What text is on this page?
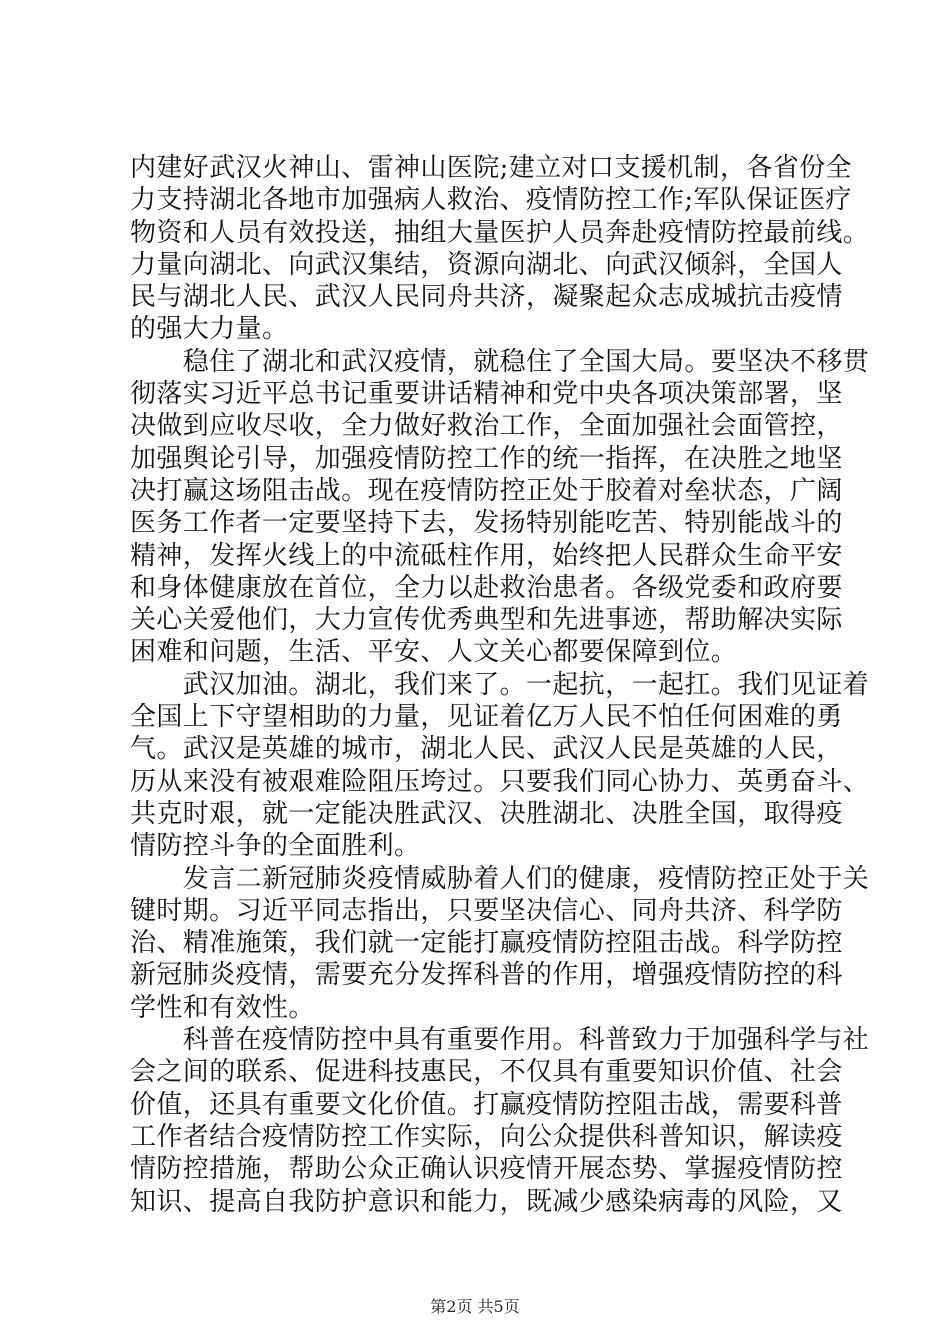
内建好武汉火神山、雷神山医院;建立对口支援机制，各省份全
力支持湖北各地市加强病人救治、疫情防控工作;军队保证医疗
物资和人员有效投送，抽组大量医护人员奔赴疫情防控最前线。
力量向湖北、向武汉集结，资源向湖北、向武汉倾斜，全国人
民与湖北人民、武汉人民同舟共济，凝聚起众志成城抗击疫情
的强大力量。
　　稳住了湖北和武汉疫情，就稳住了全国大局。要坚决不移贯
彻落实习近平总书记重要讲话精神和党中央各项决策部署，坚
决做到应收尽收，全力做好救治工作，全面加强社会面管控，
加强舆论引导，加强疫情防控工作的统一指挥，在决胜之地坚
决打赢这场阻击战。现在疫情防控正处于胶着对垒状态，广阔
医务工作者一定要坚持下去，发扬特别能吃苦、特别能战斗的
精神，发挥火线上的中流砥柱作用，始终把人民群众生命平安
和身体健康放在首位，全力以赴救治患者。各级党委和政府要
关心关爱他们，大力宣传优秀典型和先进事迹，帮助解决实际
困难和问题，生活、平安、人文关心都要保障到位。
　　武汉加油。湖北，我们来了。一起抗，一起扛。我们见证着
全国上下守望相助的力量，见证着亿万人民不怕任何困难的勇
气。武汉是英雄的城市，湖北人民、武汉人民是英雄的人民，
历从来没有被艰难险阻压垮过。只要我们同心协力、英勇奋斗、
共克时艰，就一定能决胜武汉、决胜湖北、决胜全国，取得疫
情防控斗争的全面胜利。
　　发言二新冠肺炎疫情威胁着人们的健康，疫情防控正处于关
键时期。习近平同志指出，只要坚决信心、同舟共济、科学防
治、精准施策，我们就一定能打赢疫情防控阻击战。科学防控
新冠肺炎疫情，需要充分发挥科普的作用，增强疫情防控的科
学性和有效性。
　　科普在疫情防控中具有重要作用。科普致力于加强科学与社
会之间的联系、促进科技惠民，不仅具有重要知识价值、社会
价值，还具有重要文化价值。打赢疫情防控阻击战，需要科普
工作者结合疫情防控工作实际，向公众提供科普知识，解读疫
情防控措施，帮助公众正确认识疫情开展态势、掌握疫情防控
知识、提高自我防护意识和能力，既减少感染病毒的风险，又
第2页 共5页
